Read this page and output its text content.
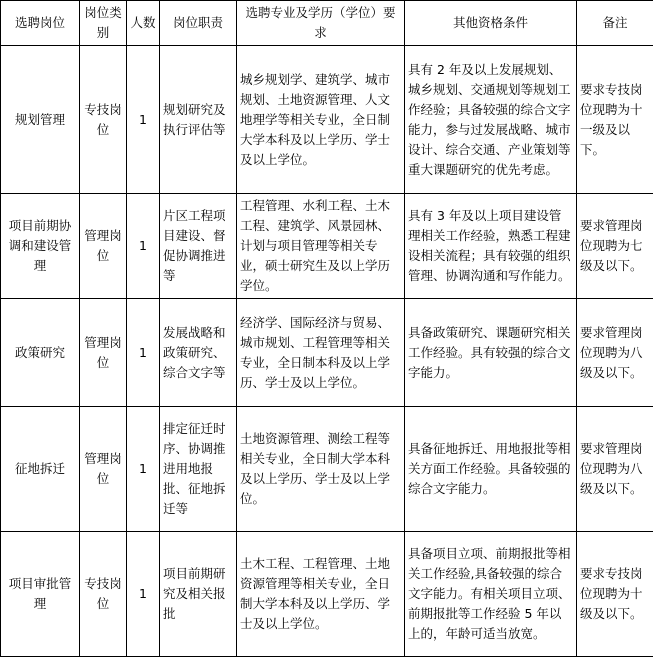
选聘岗位	岗位类别	人数	岗位职责	选聘专业及学历（学位）要求	其他资格条件	备注
规划管理	专技岗位	1	规划研究及执行评估等	城乡规划学、建筑学、城市规划、土地资源管理、人文地理学等相关专业，全日制大学本科及以上学历、学士及以上学位。	具有 2 年及以上发展规划、城乡规划、交通规划等规划工作经验；具备较强的综合文字能力，参与过发展战略、城市设计、综合交通、产业策划等重大课题研究的优先考虑。	要求专技岗位现聘为十一级及以下。
项目前期协调和建设管理	管理岗位	1	片区工程项目建设、督促协调推进等	工程管理、水利工程、土木工程、建筑学、风景园林、计划与项目管理等相关专业，硕士研究生及以上学历学位。	具有 3 年及以上项目建设管理相关工作经验，熟悉工程建设相关流程；具有较强的组织管理、协调沟通和写作能力。	要求管理岗位现聘为七级及以下。
政策研究	管理岗位	1	发展战略和政策研究、综合文字等	经济学、国际经济与贸易、城市规划、工程管理等相关专业，全日制本科及以上学历、学士及以上学位。	具备政策研究、课题研究相关工作经验。具有较强的综合文字能力。	要求管理岗位现聘为八级及以下。
征地拆迁	管理岗位	1	排定征迁时序、协调推进用地报批、征地拆迁等	土地资源管理、测绘工程等相关专业，全日制大学本科及以上学历、学士及以上学位。	具备征地拆迁、用地报批等相关方面工作经验。具备较强的综合文字能力。	要求管理岗位现聘为八级及以下。
项目审批管理	专技岗位	1	项目前期研究及相关报批	土木工程、工程管理、土地资源管理等相关专业，全日制大学本科及以上学历、学士及以上学位。	具备项目立项、前期报批等相关工作经验,具备较强的综合文字能力。有相关项目立项、前期报批等工作经验 5 年以上的，年龄可适当放宽。	要求专技岗位现聘为十级及以下。
